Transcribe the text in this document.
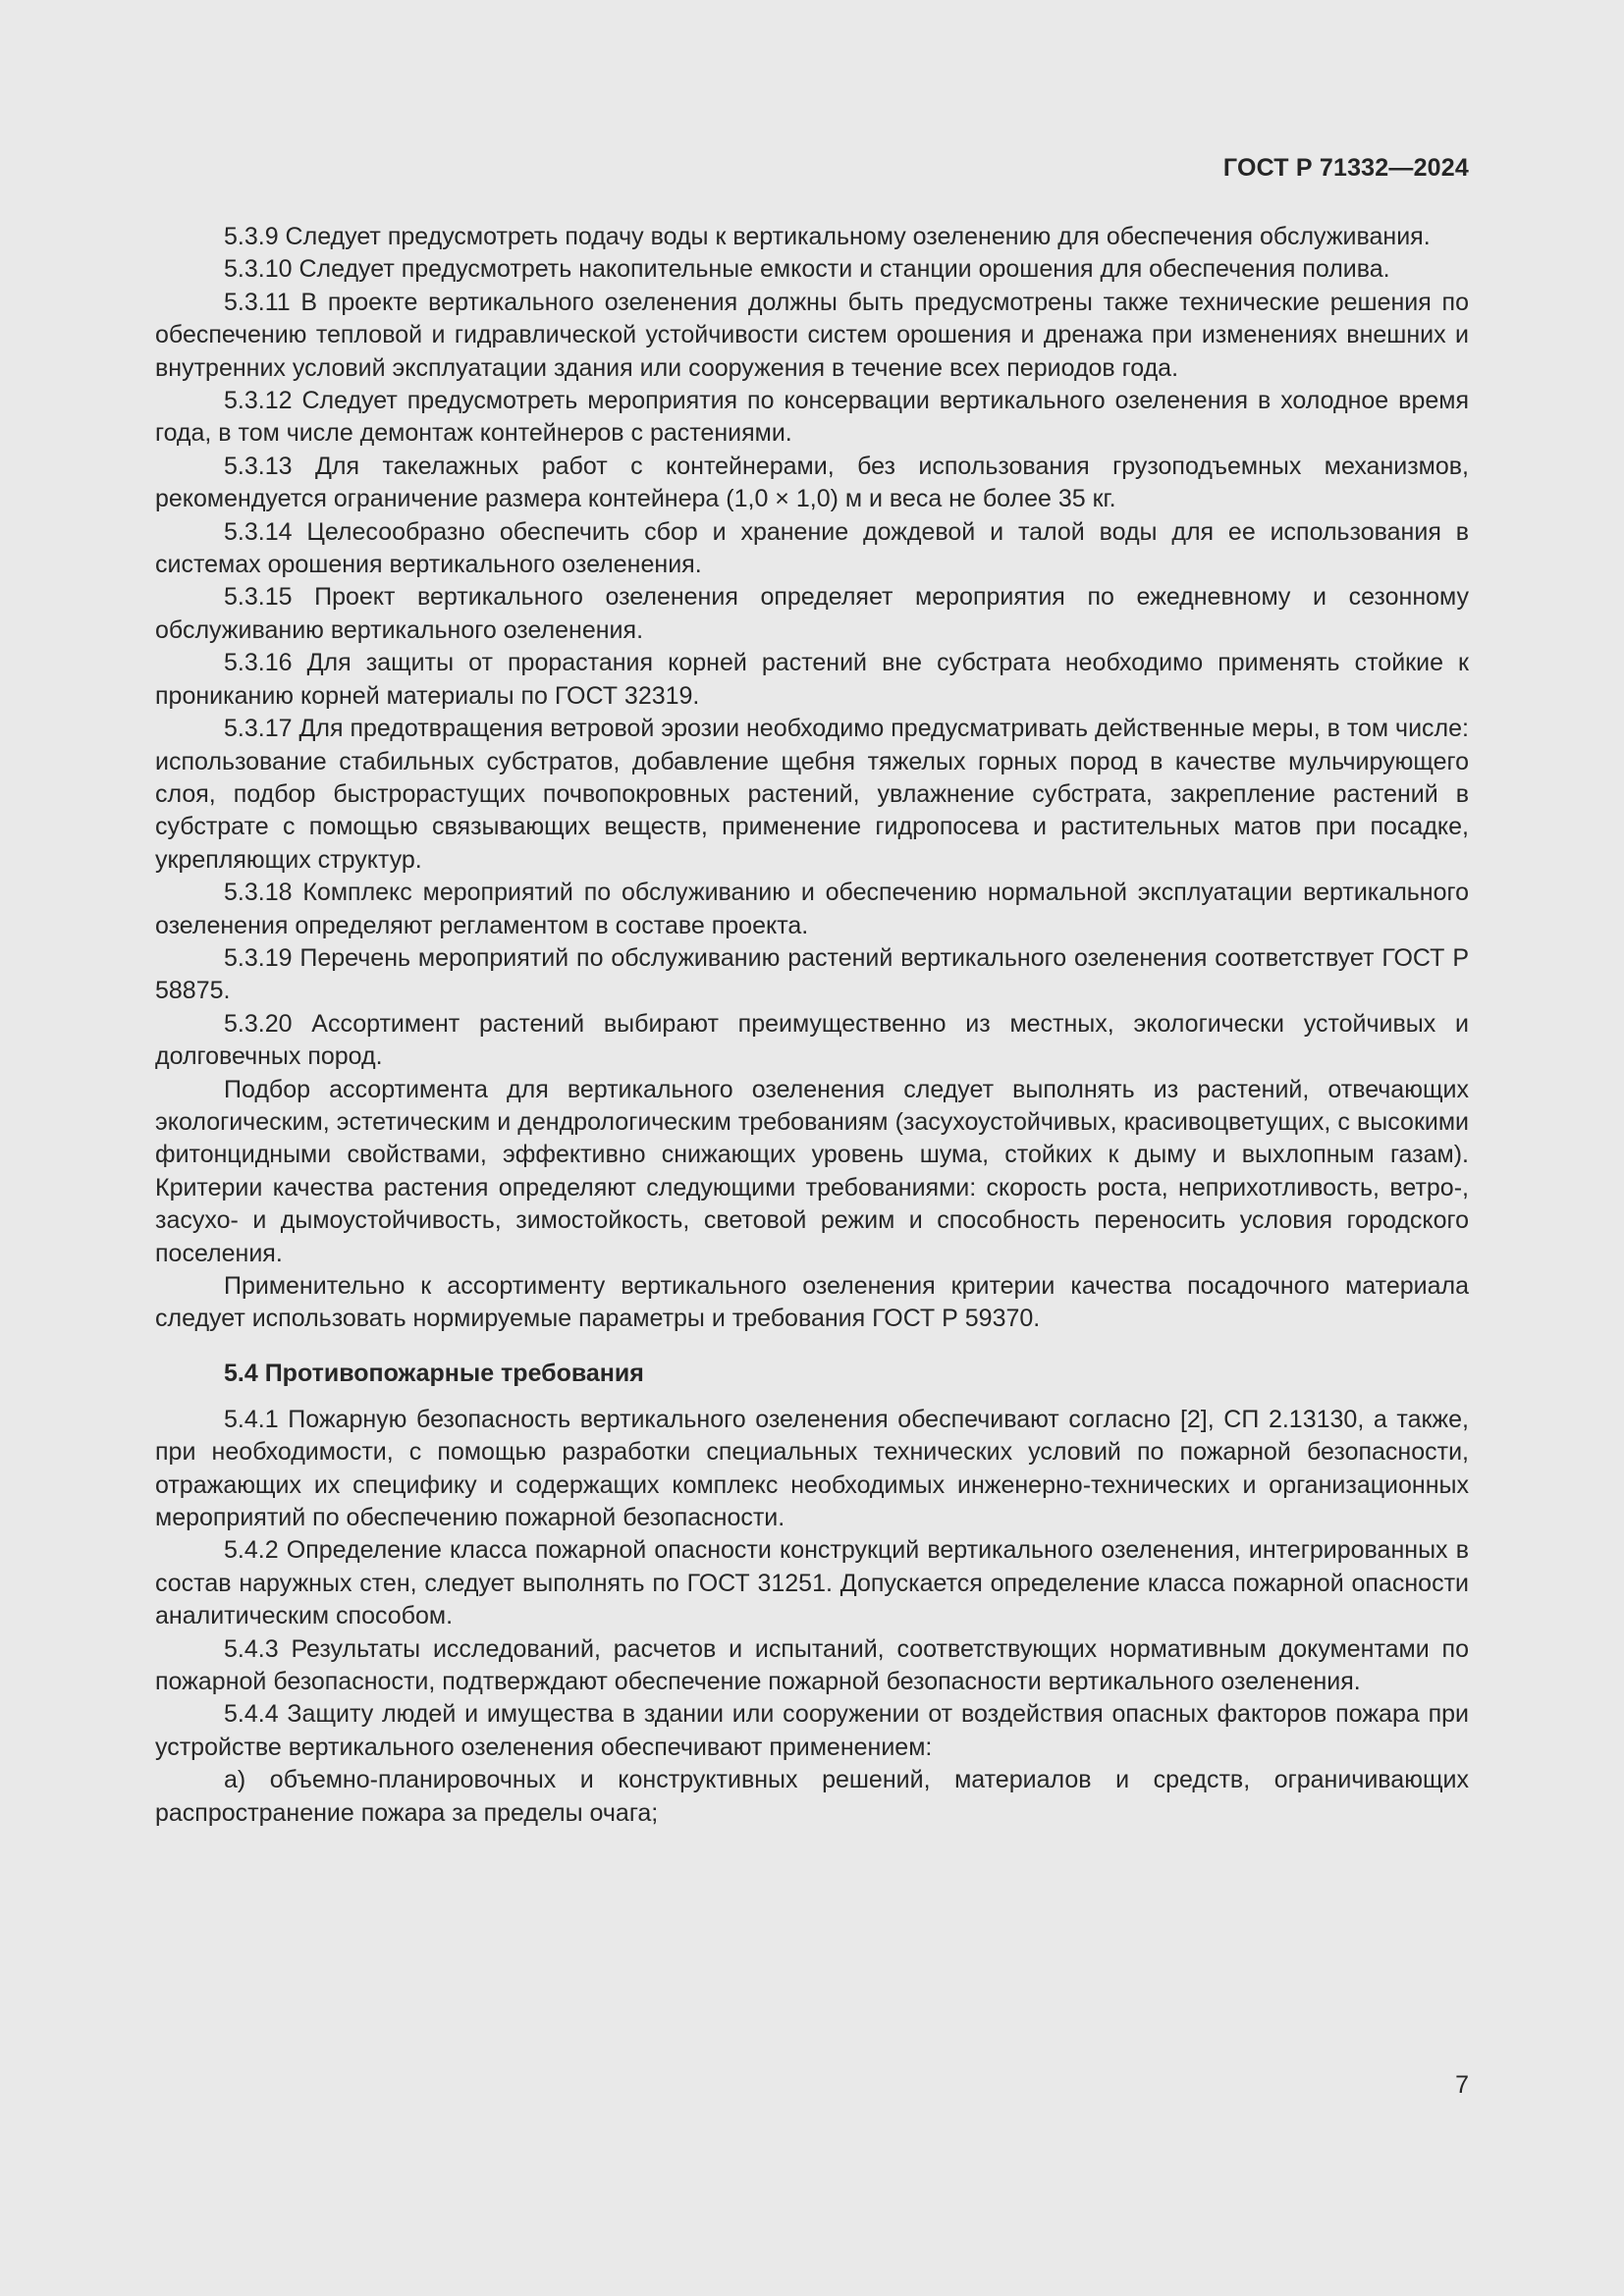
ГОСТ Р 71332—2024

5.3.9 Следует предусмотреть подачу воды к вертикальному озеленению для обеспечения обслуживания.

5.3.10 Следует предусмотреть накопительные емкости и станции орошения для обеспечения полива.

5.3.11 В проекте вертикального озеленения должны быть предусмотрены также технические решения по обеспечению тепловой и гидравлической устойчивости систем орошения и дренажа при изменениях внешних и внутренних условий эксплуатации здания или сооружения в течение всех периодов года.

5.3.12 Следует предусмотреть мероприятия по консервации вертикального озеленения в холодное время года, в том числе демонтаж контейнеров с растениями.

5.3.13 Для такелажных работ с контейнерами, без использования грузоподъемных механизмов, рекомендуется ограничение размера контейнера (1,0 × 1,0) м и веса не более 35 кг.

5.3.14 Целесообразно обеспечить сбор и хранение дождевой и талой воды для ее использования в системах орошения вертикального озеленения.

5.3.15 Проект вертикального озеленения определяет мероприятия по ежедневному и сезонному обслуживанию вертикального озеленения.

5.3.16 Для защиты от прорастания корней растений вне субстрата необходимо применять стойкие к прониканию корней материалы по ГОСТ 32319.

5.3.17 Для предотвращения ветровой эрозии необходимо предусматривать действенные меры, в том числе: использование стабильных субстратов, добавление щебня тяжелых горных пород в качестве мульчирующего слоя, подбор быстрорастущих почвопокровных растений, увлажнение субстрата, закрепление растений в субстрате с помощью связывающих веществ, применение гидропосева и растительных матов при посадке, укрепляющих структур.

5.3.18 Комплекс мероприятий по обслуживанию и обеспечению нормальной эксплуатации вертикального озеленения определяют регламентом в составе проекта.

5.3.19 Перечень мероприятий по обслуживанию растений вертикального озеленения соответствует ГОСТ Р 58875.

5.3.20 Ассортимент растений выбирают преимущественно из местных, экологически устойчивых и долговечных пород.

Подбор ассортимента для вертикального озеленения следует выполнять из растений, отвечающих экологическим, эстетическим и дендрологическим требованиям (засухоустойчивых, красивоцветущих, с высокими фитонцидными свойствами, эффективно снижающих уровень шума, стойких к дыму и выхлопным газам). Критерии качества растения определяют следующими требованиями: скорость роста, неприхотливость, ветро-, засухо- и дымоустойчивость, зимостойкость, световой режим и способность переносить условия городского поселения.

Применительно к ассортименту вертикального озеленения критерии качества посадочного материала следует использовать нормируемые параметры и требования ГОСТ Р 59370.

5.4 Противопожарные требования

5.4.1 Пожарную безопасность вертикального озеленения обеспечивают согласно [2], СП 2.13130, а также, при необходимости, с помощью разработки специальных технических условий по пожарной безопасности, отражающих их специфику и содержащих комплекс необходимых инженерно-технических и организационных мероприятий по обеспечению пожарной безопасности.

5.4.2 Определение класса пожарной опасности конструкций вертикального озеленения, интегрированных в состав наружных стен, следует выполнять по ГОСТ 31251. Допускается определение класса пожарной опасности аналитическим способом.

5.4.3 Результаты исследований, расчетов и испытаний, соответствующих нормативным документами по пожарной безопасности, подтверждают обеспечение пожарной безопасности вертикального озеленения.

5.4.4 Защиту людей и имущества в здании или сооружении от воздействия опасных факторов пожара при устройстве вертикального озеленения обеспечивают применением:

а) объемно-планировочных и конструктивных решений, материалов и средств, ограничивающих распространение пожара за пределы очага;

7
